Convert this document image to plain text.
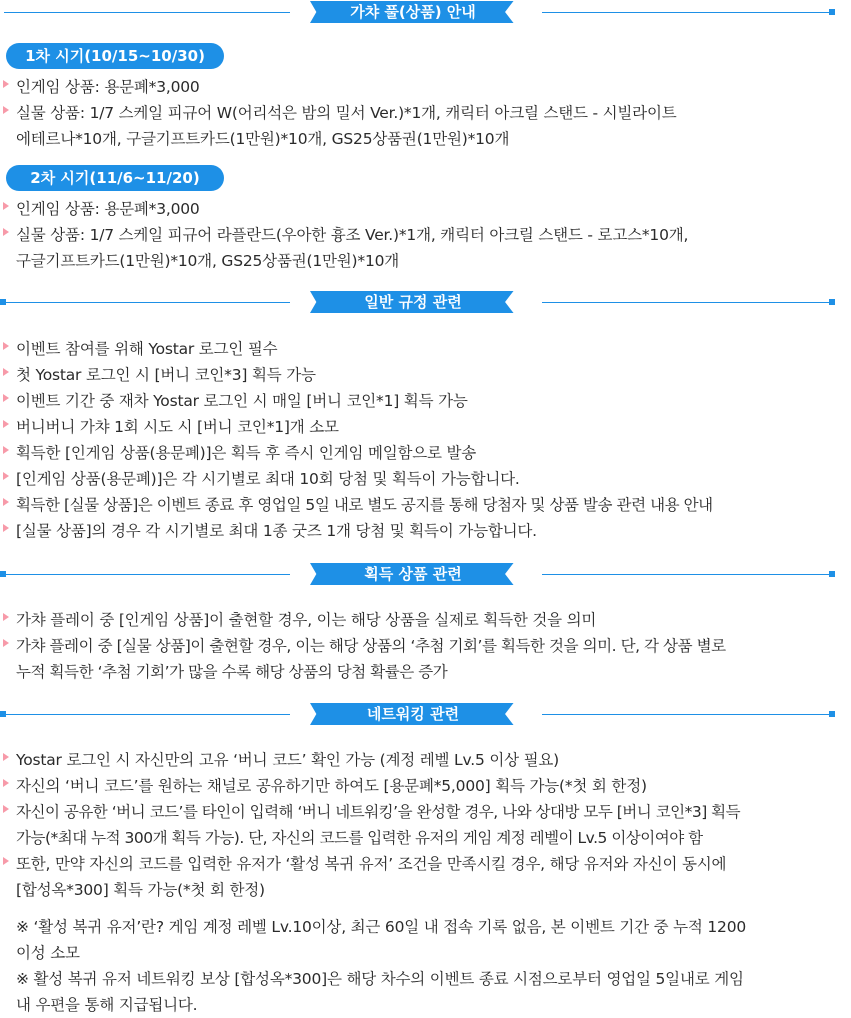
가챠 풀(상품) 안내
1차 시기(10/15~10/30)
인게임 상품: 용문폐*3,000
실물 상품: 1/7 스케일 피규어 W(어리석은 밤의 밀서 Ver.)*1개, 캐릭터 아크릴 스탠드 - 시빌라이트
에테르나*10개, 구글기프트카드(1만원)*10개, GS25상품권(1만원)*10개
2차 시기(11/6~11/20)
인게임 상품: 용문폐*3,000
실물 상품: 1/7 스케일 피규어 라플란드(우아한 흉조 Ver.)*1개, 캐릭터 아크릴 스탠드 - 로고스*10개,
구글기프트카드(1만원)*10개, GS25상품권(1만원)*10개
일반 규정 관련
이벤트 참여를 위해 Yostar 로그인 필수
첫 Yostar 로그인 시 [버니 코인*3] 획득 가능
이벤트 기간 중 재차 Yostar 로그인 시 매일 [버니 코인*1] 획득 가능
버니버니 가챠 1회 시도 시 [버니 코인*1]개 소모
획득한 [인게임 상품(용문폐)]은 획득 후 즉시 인게임 메일함으로 발송
[인게임 상품(용문폐)]은 각 시기별로 최대 10회 당첨 및 획득이 가능합니다.
획득한 [실물 상품]은 이벤트 종료 후 영업일 5일 내로 별도 공지를 통해 당첨자 및 상품 발송 관련 내용 안내
[실물 상품]의 경우 각 시기별로 최대 1종 굿즈 1개 당첨 및 획득이 가능합니다.
획득 상품 관련
가챠 플레이 중 [인게임 상품]이 출현할 경우, 이는 해당 상품을 실제로 획득한 것을 의미
가챠 플레이 중 [실물 상품]이 출현할 경우, 이는 해당 상품의 ‘추첨 기회’를 획득한 것을 의미. 단, 각 상품 별로
누적 획득한 ‘추첨 기회’가 많을 수록 해당 상품의 당첨 확률은 증가
네트워킹 관련
Yostar 로그인 시 자신만의 고유 ‘버니 코드’ 확인 가능 (계정 레벨 Lv.5 이상 필요)
자신의 ‘버니 코드’를 원하는 채널로 공유하기만 하여도 [용문폐*5,000] 획득 가능(*첫 회 한정)
자신이 공유한 ‘버니 코드’를 타인이 입력해 ‘버니 네트워킹’을 완성할 경우, 나와 상대방 모두 [버니 코인*3] 획득
가능(*최대 누적 300개 획득 가능). 단, 자신의 코드를 입력한 유저의 게임 계정 레벨이 Lv.5 이상이여야 함
또한, 만약 자신의 코드를 입력한 유저가 ‘활성 복귀 유저’ 조건을 만족시킬 경우, 해당 유저와 자신이 동시에
[합성옥*300] 획득 가능(*첫 회 한정)
※ ‘활성 복귀 유저’란? 게임 계정 레벨 Lv.10이상, 최근 60일 내 접속 기록 없음, 본 이벤트 기간 중 누적 1200
이성 소모
※ 활성 복귀 유저 네트워킹 보상 [합성옥*300]은 해당 차수의 이벤트 종료 시점으로부터 영업일 5일내로 게임
내 우편을 통해 지급됩니다.
